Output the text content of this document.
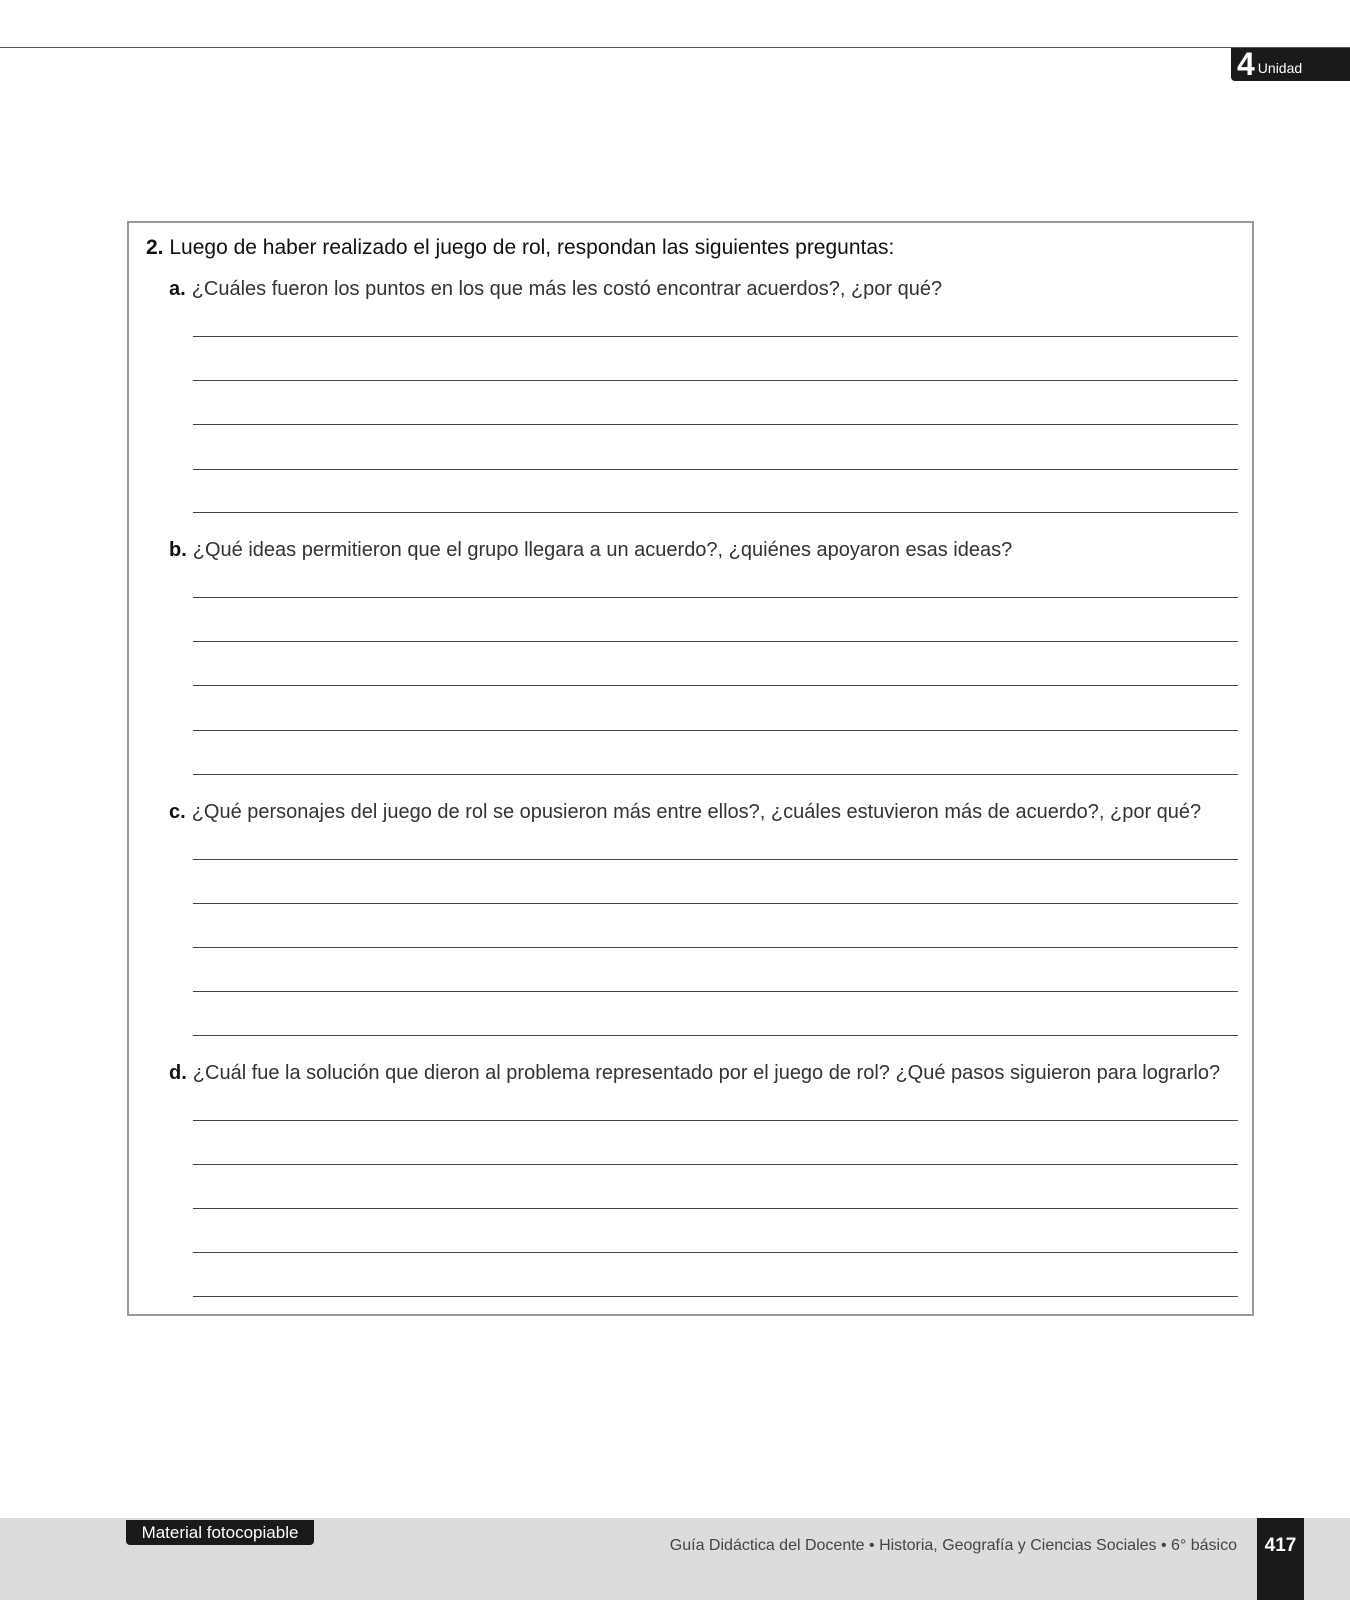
4 Unidad
2. Luego de haber realizado el juego de rol, respondan las siguientes preguntas:
a. ¿Cuáles fueron los puntos en los que más les costó encontrar acuerdos?, ¿por qué?
b. ¿Qué ideas permitieron que el grupo llegara a un acuerdo?, ¿quiénes apoyaron esas ideas?
c. ¿Qué personajes del juego de rol se opusieron más entre ellos?, ¿cuáles estuvieron más de acuerdo?, ¿por qué?
d. ¿Cuál fue la solución que dieron al problema representado por el juego de rol? ¿Qué pasos siguieron para lograrlo?
Material fotocopiable
Guía Didáctica del Docente • Historia, Geografía y Ciencias Sociales • 6° básico	417
